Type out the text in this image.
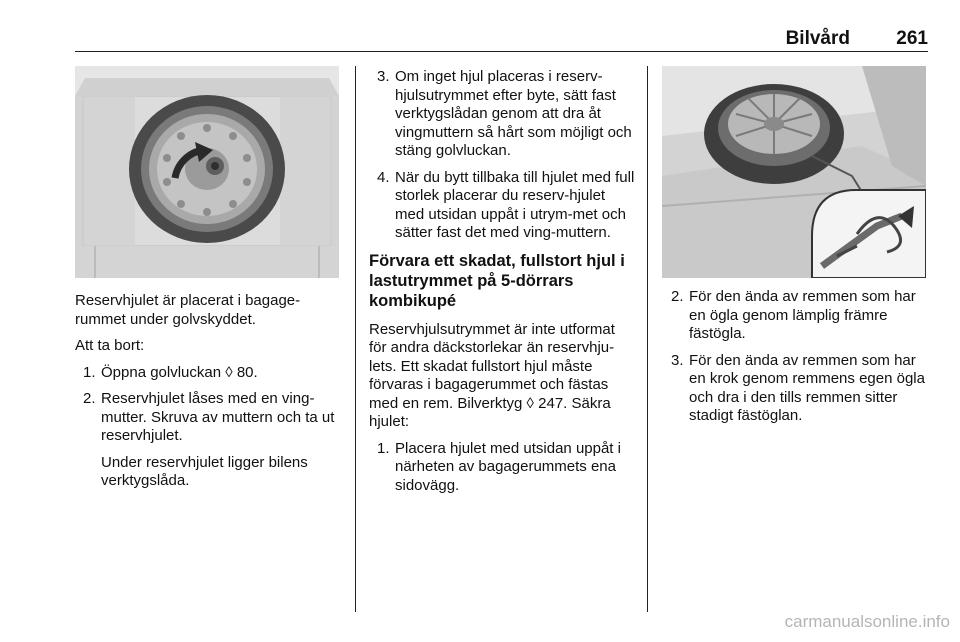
Bilvård	261

Reservhjulet är placerat i bagage-rummet under golvskyddet.

Att ta bort:

1. Öppna golvluckan ◊ 80.
2. Reservhjulet låses med en ving-mutter. Skruva av muttern och ta ut reservhjulet.
Under reservhjulet ligger bilens verktygslåda.
3. Om inget hjul placeras i reserv-hjulsutrymmet efter byte, sätt fast verktygslådan genom att dra åt vingmuttern så hårt som möjligt och stäng golvluckan.
4. När du bytt tillbaka till hjulet med full storlek placerar du reserv-hjulet med utsidan uppåt i utrym-met och sätter fast det med ving-muttern.
Förvara ett skadat, fullstort hjul i lastutrymmet på 5-dörrars kombikupé

Reservhjulsutrymmet är inte utformat för andra däckstorlekar än reservhju-lets. Ett skadat fullstort hjul måste förvaras i bagagerummet och fästas med en rem. Bilverktyg ◊ 247. Säkra hjulet:

1. Placera hjulet med utsidan uppåt i närheten av bagagerummets ena sidovägg.
2. För den ända av remmen som har en ögla genom lämplig främre fästögla.
3. För den ända av remmen som har en krok genom remmens egen ögla och dra i den tills remmen sitter stadigt fästöglan.
carmanualsonline.info
